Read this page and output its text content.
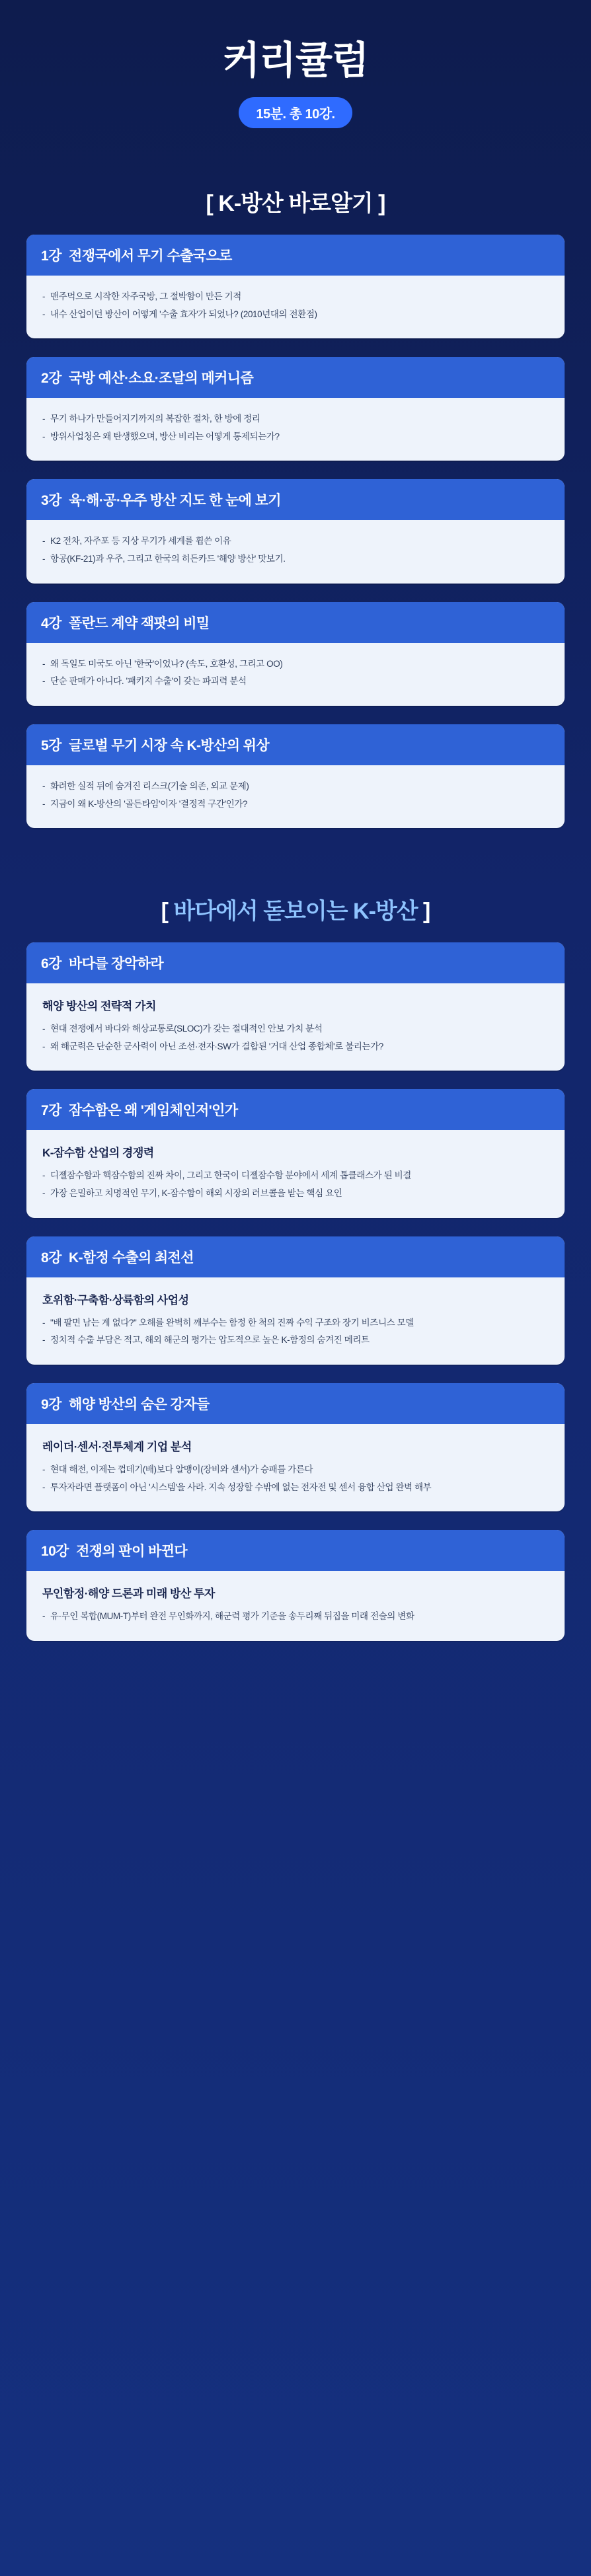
커리큘럼
15분. 총 10강.
[ K-방산 바로알기 ]
1강 전쟁국에서 무기 수출국으로
- 맨주먹으로 시작한 자주국방, 그 절박함이 만든 기적
- 내수 산업이던 방산이 어떻게 '수출 효자'가 되었나? (2010년대의 전환점)
2강 국방 예산·소요·조달의 메커니즘
- 무기 하나가 만들어지기까지의 복잡한 절차, 한 방에 정리
- 방위사업청은 왜 탄생했으며, 방산 비리는 어떻게 통제되는가?
3강 육·해·공·우주 방산 지도 한 눈에 보기
- K2 전차, 자주포 등 지상 무기가 세계를 휩쓴 이유
- 항공(KF-21)과 우주, 그리고 한국의 히든카드 '해양 방산' 맛보기.
4강 폴란드 계약 잭팟의 비밀
- 왜 독일도 미국도 아닌 '한국'이었나? (속도, 호환성, 그리고 OO)
- 단순 판매가 아니다. '패키지 수출'이 갖는 파괴력 분석
5강 글로벌 무기 시장 속 K-방산의 위상
- 화려한 실적 뒤에 숨겨진 리스크(기술 의존, 외교 문제)
- 지금이 왜 K-방산의 '골든타임'이자 '결정적 구간'인가?
[ 바다에서 돋보이는 K-방산 ]
6강 바다를 장악하라
해양 방산의 전략적 가치
- 현대 전쟁에서 바다와 해상교통로(SLOC)가 갖는 절대적인 안보 가치 분석
- 왜 해군력은 단순한 군사력이 아닌 조선·전자·SW가 결합된 '거대 산업 종합체'로 불리는가?
7강 잠수함은 왜 '게임체인저'인가
K-잠수함 산업의 경쟁력
- 디젤잠수함과 핵잠수함의 진짜 차이, 그리고 한국이 디젤잠수함 분야에서 세계 톱클래스가 된 비결
- 가장 은밀하고 치명적인 무기, K-잠수함이 해외 시장의 러브콜을 받는 핵심 요인
8강 K-함정 수출의 최전선
호위함·구축함·상륙함의 사업성
- "배 팔면 남는 게 없다?" 오해를 완벽히 깨부수는 함정 한 척의 진짜 수익 구조와 장기 비즈니스 모델
- 정치적 수출 부담은 적고, 해외 해군의 평가는 압도적으로 높은 K-함정의 숨겨진 메리트
9강 해양 방산의 숨은 강자들
레이더·센서·전투체계 기업 분석
- 현대 해전, 이제는 껍데기(배)보다 알맹이(장비와 센서)가 승패를 가른다
- 투자자라면 플랫폼이 아닌 '시스템'을 사라. 지속 성장할 수밖에 없는 전자전 및 센서 융합 산업 완벽 해부
10강 전쟁의 판이 바뀐다
무인함정·해양 드론과 미래 방산 투자
- 유·무인 복합(MUM-T)부터 완전 무인화까지, 해군력 평가 기준을 송두리째 뒤집을 미래 전술의 변화
